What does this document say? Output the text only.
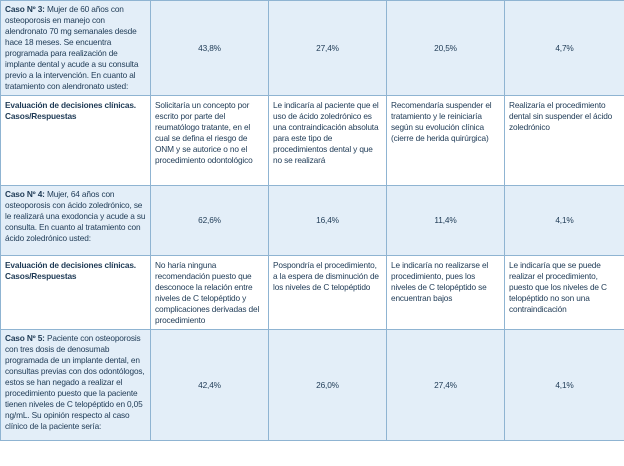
Caso Nº 3: Mujer de 60 años con osteoporosis en manejo con alendronato 70 mg semanales desde hace 18 meses. Se encuentra programada para realización de implante dental y acude a su consulta previo a la intervención. En cuanto al tratamiento con alendronato usted:	43,8%	27,4%	20,5%	4,7%
Evaluación de decisiones clínicas. Casos/Respuestas	Solicitaría un concepto por escrito por parte del reumatólogo tratante, en el cual se defina el riesgo de ONM y se autorice o no el procedimiento odontológico	Le indicaría al paciente que el uso de ácido zoledrónico es una contraindicación absoluta para este tipo de procedimientos dental y que no se realizará	Recomendaría suspender el tratamiento y le reiniciaría según su evolución clínica (cierre de herida quirúrgica)	Realizaría el procedimiento dental sin suspender el ácido zoledrónico
Caso Nº 4: Mujer, 64 años con osteoporosis con ácido zoledrónico, se le realizará una exodoncia y acude a su consulta. En cuanto al tratamiento con ácido zoledrónico usted:	62,6%	16,4%	11,4%	4,1%
Evaluación de decisiones clínicas. Casos/Respuestas	No haría ninguna recomendación puesto que desconoce la relación entre niveles de C telopéptido y complicaciones derivadas del procedimiento	Pospondría el procedimiento, a la espera de disminución de los niveles de C telopéptido	Le indicaría no realizarse el procedimiento, pues los niveles de C telopéptido se encuentran bajos	Le indicaría que se puede realizar el procedimiento, puesto que los niveles de C telopéptido no son una contraindicación
Caso Nº 5: Paciente con osteoporosis con tres dosis de denosumab programada de un implante dental, en consultas previas con dos odontólogos, estos se han negado a realizar el procedimiento puesto que la paciente tienen niveles de C telopéptido en 0,05 ng/mL. Su opinión respecto al caso clínico de la paciente sería:	42,4%	26,0%	27,4%	4,1%
